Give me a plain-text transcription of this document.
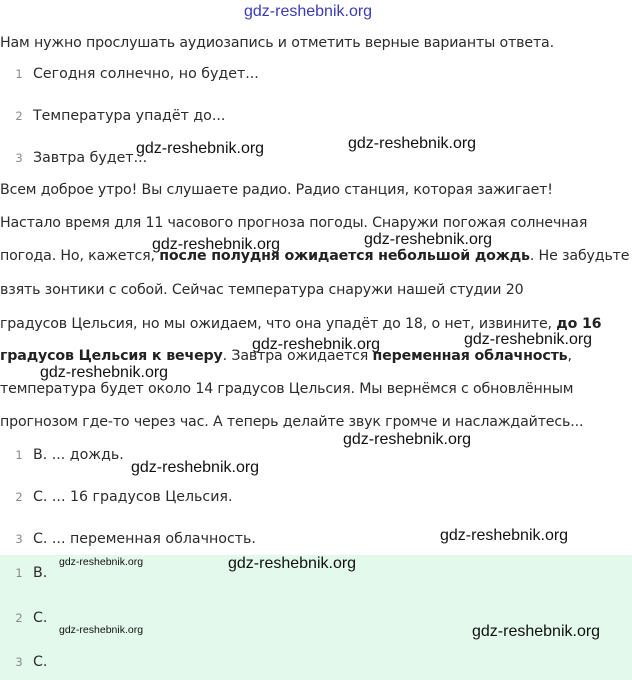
gdz-reshebnik.org
Нам нужно прослушать аудиозапись и отметить верные варианты ответа.
1 Сегодня солнечно, но будет...
2 Температура упадёт до...
3 Завтра будет...
Всем доброе утро! Вы слушаете радио. Радио станция, которая зажигает!
Настало время для 11 часового прогноза погоды. Снаружи погожая солнечная
погода. Но, кажется, после полудня ожидается небольшой дождь. Не забудьте
взять зонтики с собой. Сейчас температура снаружи нашей студии 20
градусов Цельсия, но мы ожидаем, что она упадёт до 18, о нет, извините, до 16
градусов Цельсия к вечеру. Завтра ожидается переменная облачность,
температура будет около 14 градусов Цельсия. Мы вернёмся с обновлённым
прогнозом где-то через час. А теперь делайте звук громче и наслаждайтесь...
1 B. ... дождь.
2 C. ... 16 градусов Цельсия.
3 C. ... переменная облачность.
1 B.
2 C.
3 C.
gdz-reshebnik.org	gdz-reshebnik.org
gdz-reshebnik.org	gdz-reshebnik.org
gdz-reshebnik.org	gdz-reshebnik.org
gdz-reshebnik.org
gdz-reshebnik.org
gdz-reshebnik.org
gdz-reshebnik.org
gdz-reshebnik.org
gdz-reshebnik.org
gdz-reshebnik.org	gdz-reshebnik.org
